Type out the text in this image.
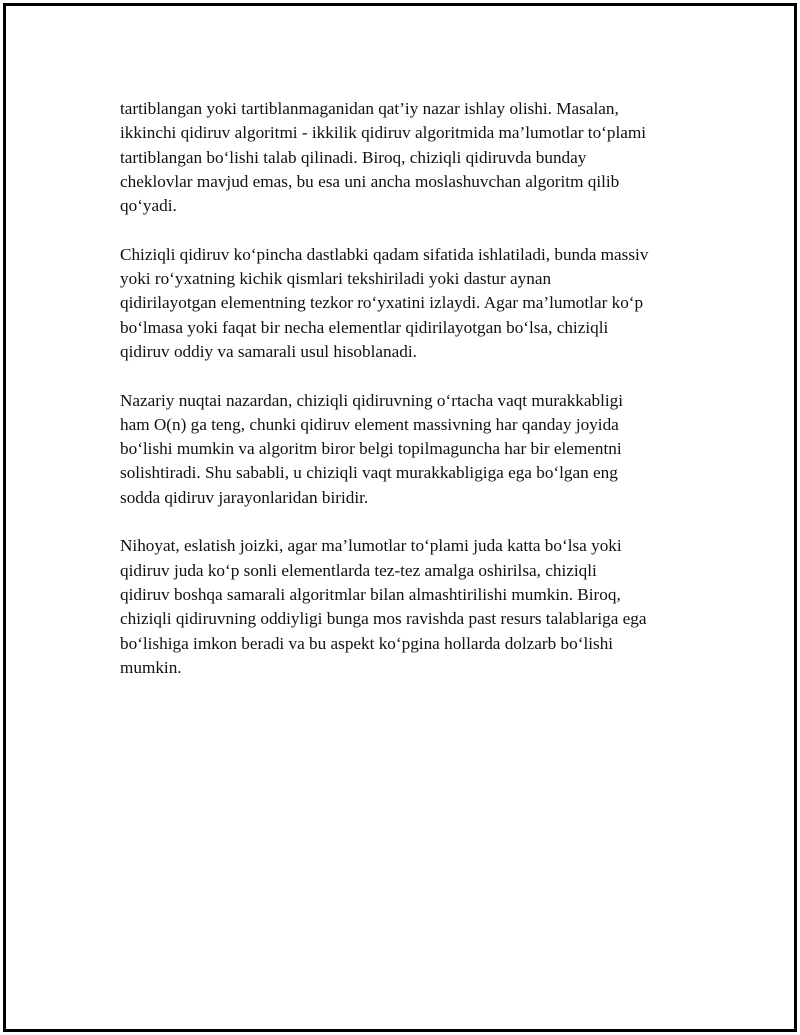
tartiblangan yoki tartiblanmaganidan qat’iy nazar ishlay olishi. Masalan,
ikkinchi qidiruv algoritmi - ikkilik qidiruv algoritmida ma’lumotlar to‘plami
tartiblangan bo‘lishi talab qilinadi. Biroq, chiziqli qidiruvda bunday
cheklovlar mavjud emas, bu esa uni ancha moslashuvchan algoritm qilib
qo‘yadi.

Chiziqli qidiruv ko‘pincha dastlabki qadam sifatida ishlatiladi, bunda massiv
yoki ro‘yxatning kichik qismlari tekshiriladi yoki dastur aynan
qidirilayotgan elementning tezkor ro‘yxatini izlaydi. Agar ma’lumotlar ko‘p
bo‘lmasa yoki faqat bir necha elementlar qidirilayotgan bo‘lsa, chiziqli
qidiruv oddiy va samarali usul hisoblanadi.

Nazariy nuqtai nazardan, chiziqli qidiruvning o‘rtacha vaqt murakkabligi
ham O(n) ga teng, chunki qidiruv element massivning har qanday joyida
bo‘lishi mumkin va algoritm biror belgi topilmaguncha har bir elementni
solishtiradi. Shu sababli, u chiziqli vaqt murakkabligiga ega bo‘lgan eng
sodda qidiruv jarayonlaridan biridir.

Nihoyat, eslatish joizki, agar ma’lumotlar to‘plami juda katta bo‘lsa yoki
qidiruv juda ko‘p sonli elementlarda tez-tez amalga oshirilsa, chiziqli
qidiruv boshqa samarali algoritmlar bilan almashtirilishi mumkin. Biroq,
chiziqli qidiruvning oddiyligi bunga mos ravishda past resurs talablariga ega
bo‘lishiga imkon beradi va bu aspekt ko‘pgina hollarda dolzarb bo‘lishi
mumkin.
